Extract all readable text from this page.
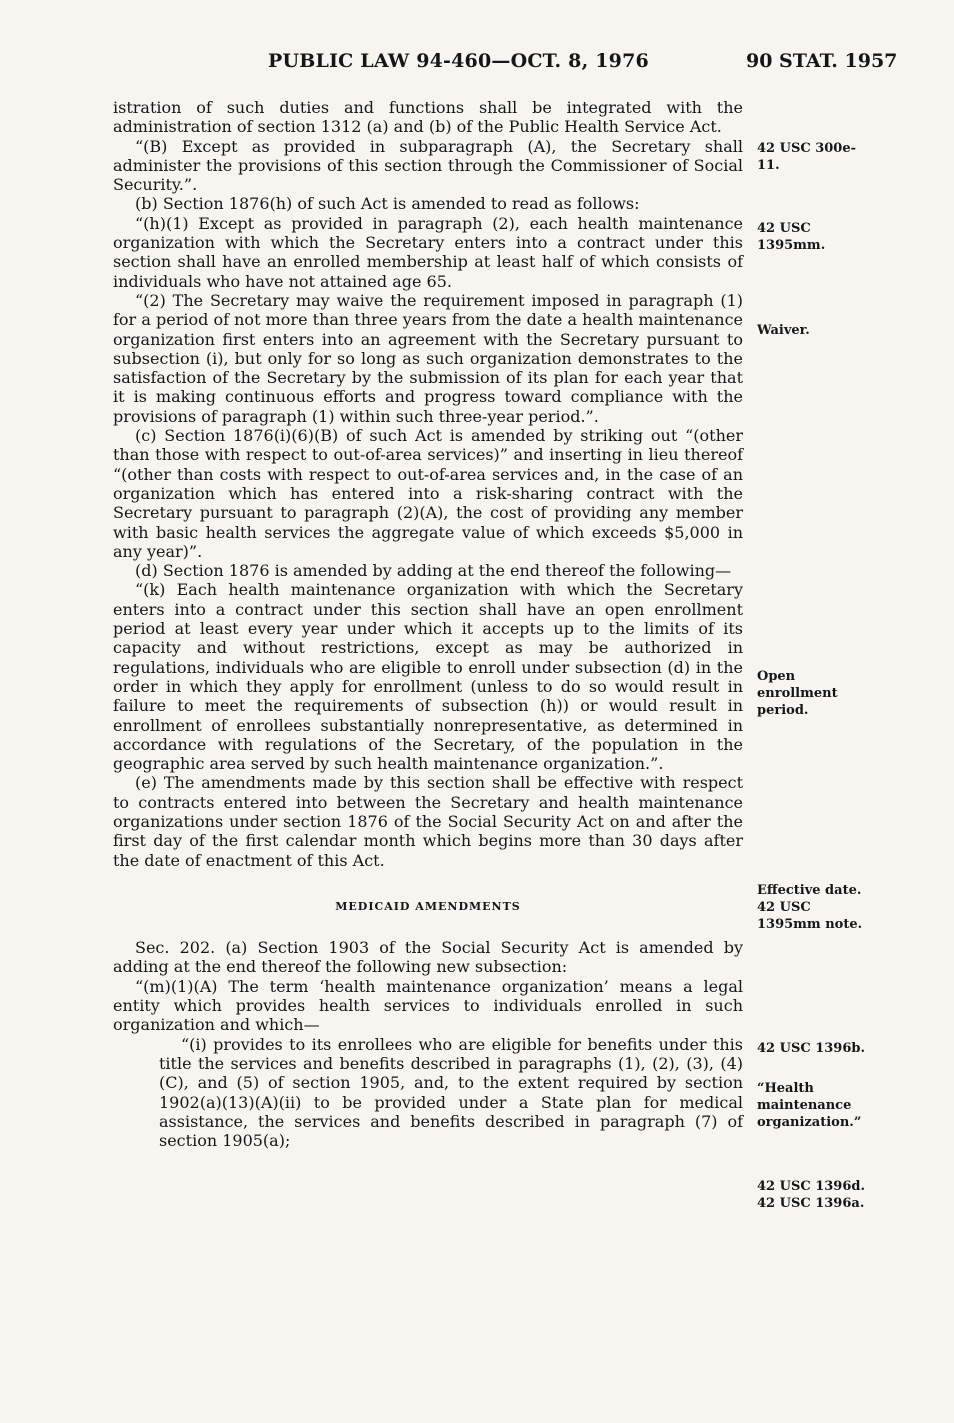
PUBLIC LAW 94-460—OCT. 8, 1976	90 STAT. 1957

istration of such duties and functions shall be integrated with the administration of section 1312 (a) and (b) of the Public Health Service Act.

“(B) Except as provided in subparagraph (A), the Secretary shall administer the provisions of this section through the Commissioner of Social Security.”.

(b) Section 1876(h) of such Act is amended to read as follows:

“(h)(1) Except as provided in paragraph (2), each health maintenance organization with which the Secretary enters into a contract under this section shall have an enrolled membership at least half of which consists of individuals who have not attained age 65.

“(2) The Secretary may waive the requirement imposed in paragraph (1) for a period of not more than three years from the date a health maintenance organization first enters into an agreement with the Secretary pursuant to subsection (i), but only for so long as such organization demonstrates to the satisfaction of the Secretary by the submission of its plan for each year that it is making continuous efforts and progress toward compliance with the provisions of paragraph (1) within such three-year period.”.

(c) Section 1876(i)(6)(B) of such Act is amended by striking out “(other than those with respect to out-of-area services)” and inserting in lieu thereof “(other than costs with respect to out-of-area services and, in the case of an organization which has entered into a risk-sharing contract with the Secretary pursuant to paragraph (2)(A), the cost of providing any member with basic health services the aggregate value of which exceeds $5,000 in any year)”.

(d) Section 1876 is amended by adding at the end thereof the following—

“(k) Each health maintenance organization with which the Secretary enters into a contract under this section shall have an open enrollment period at least every year under which it accepts up to the limits of its capacity and without restrictions, except as may be authorized in regulations, individuals who are eligible to enroll under subsection (d) in the order in which they apply for enrollment (unless to do so would result in failure to meet the requirements of subsection (h)) or would result in enrollment of enrollees substantially nonrepresentative, as determined in accordance with regulations of the Secretary, of the population in the geographic area served by such health maintenance organization.”.

(e) The amendments made by this section shall be effective with respect to contracts entered into between the Secretary and health maintenance organizations under section 1876 of the Social Security Act on and after the first day of the first calendar month which begins more than 30 days after the date of enactment of this Act.

MEDICAID AMENDMENTS

Sec. 202. (a) Section 1903 of the Social Security Act is amended by adding at the end thereof the following new subsection:

“(m)(1)(A) The term ‘health maintenance organization’ means a legal entity which provides health services to individuals enrolled in such organization and which—

“(i) provides to its enrollees who are eligible for benefits under this title the services and benefits described in paragraphs (1), (2), (3), (4)(C), and (5) of section 1905, and, to the extent required by section 1902(a)(13)(A)(ii) to be provided under a State plan for medical assistance, the services and benefits described in paragraph (7) of section 1905(a);

42 USC 300e-11.
42 USC 1395mm.
Waiver.
Open enrollment period.
Effective date. 42 USC 1395mm note.
42 USC 1396b.
“Health maintenance organization.”
42 USC 1396d. 42 USC 1396a.
